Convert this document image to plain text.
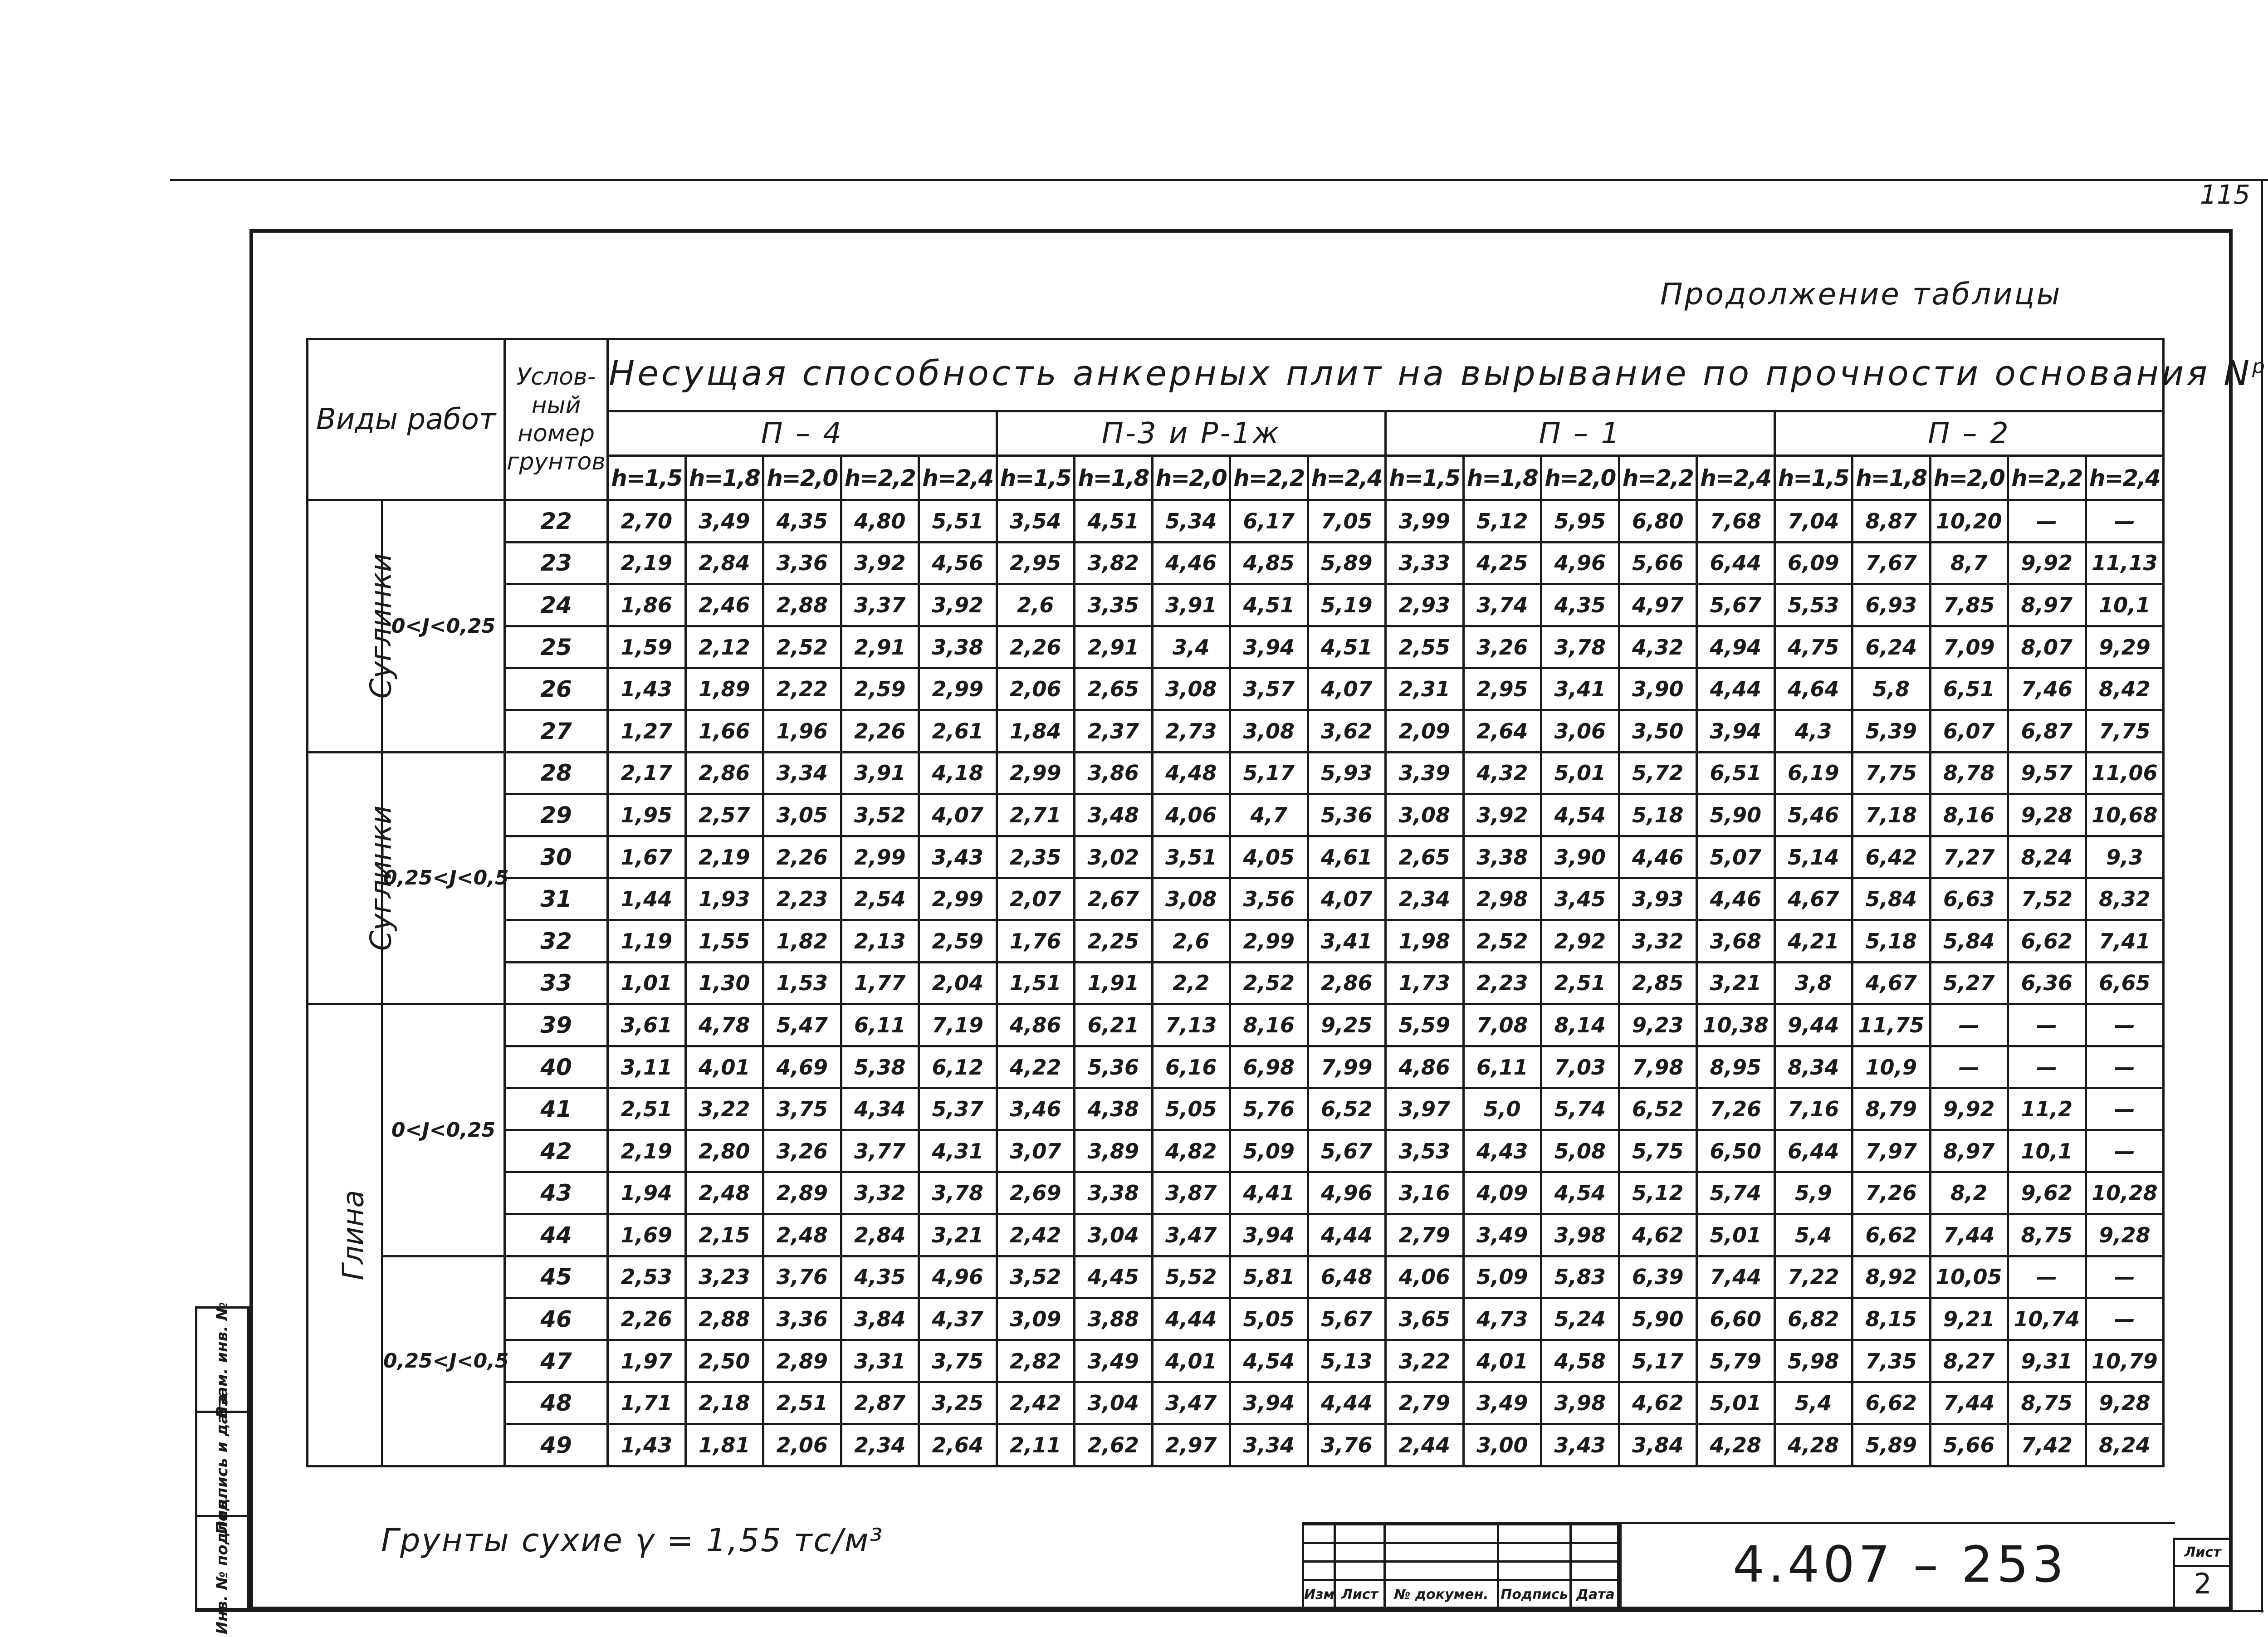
115
Продолжение таблицы
Виды работ		Услов- ный номер грунтов	Несущая способность анкерных плит на вырывание по прочности основания $N^р$
			П – 4					П-3 и Р-1ж					П – 1					П – 2				
			h=1,5	h=1,8	h=2,0	h=2,2	h=2,4	h=1,5	h=1,8	h=2,0	h=2,2	h=2,4	h=1,5	h=1,8	h=2,0	h=2,2	h=2,4	h=1,5	h=1,8	h=2,0	h=2,2	h=2,4
Суглинки	0<J<0,25	22	2,70	3,49	4,35	4,80	5,51	3,54	4,51	5,34	6,17	7,05	3,99	5,12	5,95	6,80	7,68	7,04	8,87	10,20	—	—
		23	2,19	2,84	3,36	3,92	4,56	2,95	3,82	4,46	4,85	5,89	3,33	4,25	4,96	5,66	6,44	6,09	7,67	8,7	9,92	11,13
		24	1,86	2,46	2,88	3,37	3,92	2,6	3,35	3,91	4,51	5,19	2,93	3,74	4,35	4,97	5,67	5,53	6,93	7,85	8,97	10,1
		25	1,59	2,12	2,52	2,91	3,38	2,26	2,91	3,4	3,94	4,51	2,55	3,26	3,78	4,32	4,94	4,75	6,24	7,09	8,07	9,29
		26	1,43	1,89	2,22	2,59	2,99	2,06	2,65	3,08	3,57	4,07	2,31	2,95	3,41	3,90	4,44	4,64	5,8	6,51	7,46	8,42
		27	1,27	1,66	1,96	2,26	2,61	1,84	2,37	2,73	3,08	3,62	2,09	2,64	3,06	3,50	3,94	4,3	5,39	6,07	6,87	7,75
Суглинки	0,25<J<0,5	28	2,17	2,86	3,34	3,91	4,18	2,99	3,86	4,48	5,17	5,93	3,39	4,32	5,01	5,72	6,51	6,19	7,75	8,78	9,57	11,06
		29	1,95	2,57	3,05	3,52	4,07	2,71	3,48	4,06	4,7	5,36	3,08	3,92	4,54	5,18	5,90	5,46	7,18	8,16	9,28	10,68
		30	1,67	2,19	2,26	2,99	3,43	2,35	3,02	3,51	4,05	4,61	2,65	3,38	3,90	4,46	5,07	5,14	6,42	7,27	8,24	9,3
		31	1,44	1,93	2,23	2,54	2,99	2,07	2,67	3,08	3,56	4,07	2,34	2,98	3,45	3,93	4,46	4,67	5,84	6,63	7,52	8,32
		32	1,19	1,55	1,82	2,13	2,59	1,76	2,25	2,6	2,99	3,41	1,98	2,52	2,92	3,32	3,68	4,21	5,18	5,84	6,62	7,41
		33	1,01	1,30	1,53	1,77	2,04	1,51	1,91	2,2	2,52	2,86	1,73	2,23	2,51	2,85	3,21	3,8	4,67	5,27	6,36	6,65
Глина	0<J<0,25	39	3,61	4,78	5,47	6,11	7,19	4,86	6,21	7,13	8,16	9,25	5,59	7,08	8,14	9,23	10,38	9,44	11,75	—	—	—
		40	3,11	4,01	4,69	5,38	6,12	4,22	5,36	6,16	6,98	7,99	4,86	6,11	7,03	7,98	8,95	8,34	10,9	—	—	—
		41	2,51	3,22	3,75	4,34	5,37	3,46	4,38	5,05	5,76	6,52	3,97	5,0	5,74	6,52	7,26	7,16	8,79	9,92	11,2	—
		42	2,19	2,80	3,26	3,77	4,31	3,07	3,89	4,82	5,09	5,67	3,53	4,43	5,08	5,75	6,50	6,44	7,97	8,97	10,1	—
		43	1,94	2,48	2,89	3,32	3,78	2,69	3,38	3,87	4,41	4,96	3,16	4,09	4,54	5,12	5,74	5,9	7,26	8,2	9,62	10,28
		44	1,69	2,15	2,48	2,84	3,21	2,42	3,04	3,47	3,94	4,44	2,79	3,49	3,98	4,62	5,01	5,4	6,62	7,44	8,75	9,28
	0,25<J<0,5	45	2,53	3,23	3,76	4,35	4,96	3,52	4,45	5,52	5,81	6,48	4,06	5,09	5,83	6,39	7,44	7,22	8,92	10,05	—	—
		46	2,26	2,88	3,36	3,84	4,37	3,09	3,88	4,44	5,05	5,67	3,65	4,73	5,24	5,90	6,60	6,82	8,15	9,21	10,74	—
		47	1,97	2,50	2,89	3,31	3,75	2,82	3,49	4,01	4,54	5,13	3,22	4,01	4,58	5,17	5,79	5,98	7,35	8,27	9,31	10,79
		48	1,71	2,18	2,51	2,87	3,25	2,42	3,04	3,47	3,94	4,44	2,79	3,49	3,98	4,62	5,01	5,4	6,62	7,44	8,75	9,28
		49	1,43	1,81	2,06	2,34	2,64	2,11	2,62	2,97	3,34	3,76	2,44	3,00	3,43	3,84	4,28	4,28	5,89	5,66	7,42	8,24
Грунты сухие γ = 1,55 тс/м³

Изм	Лист	№ докумен.	Подпись	Дата
4.407 – 253	Лист
2
Взам. инв. №
Подпись и дата
Инв. № подлин.
